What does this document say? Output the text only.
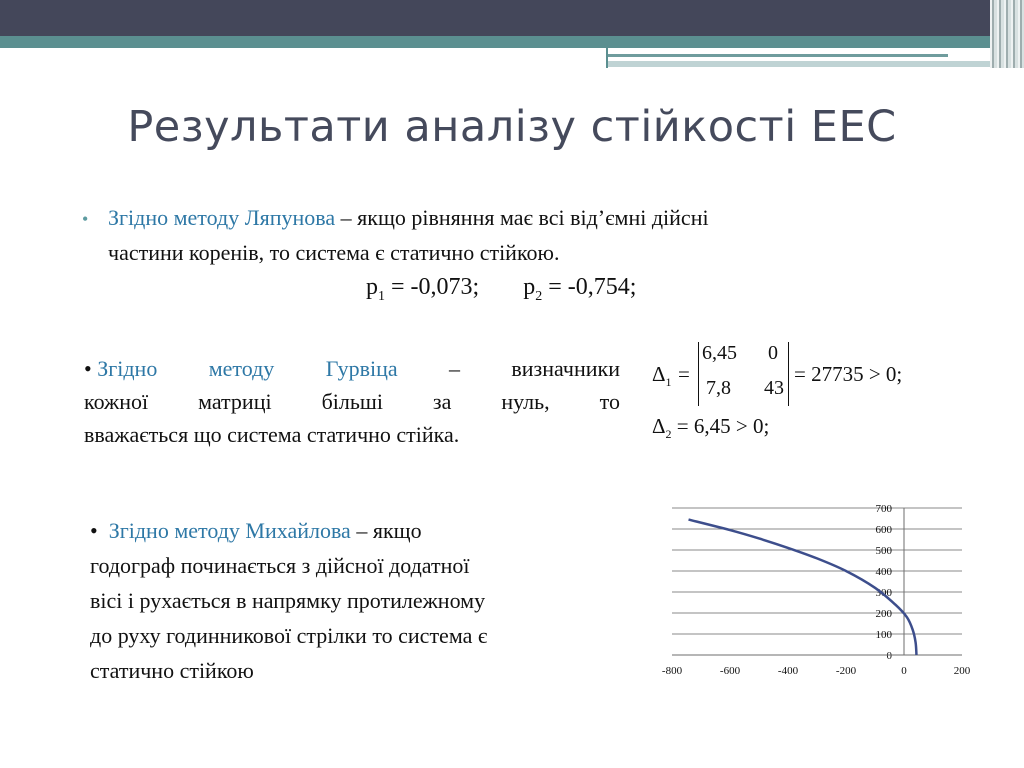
Результати аналізу стійкості ЕЕС
• Згідно методу Ляпунова – якщо рівняння має всі від’ємні дійсні
частини коренів, то система є статично стійкою.
$p_1 = -0,073$; $p_2 = -0,754$;
• Згідно методу Гурвіца – визначники
кожної матриці більші за нуль, то
вважається що система статично стійка.
$\Delta_1$ =
6,45 0
7,8 43
= 27735 > 0;
$\Delta_2 = 6,45 > 0$;
• Згідно методу Михайлова – якщо
годограф починається з дійсної додатної
вісі і рухається в напрямку протилежному
до руху годинникової стрілки то система є
статично стійкою
0
100
200
300
400
500
600
700
-800	-600	-400	-200	0	200
